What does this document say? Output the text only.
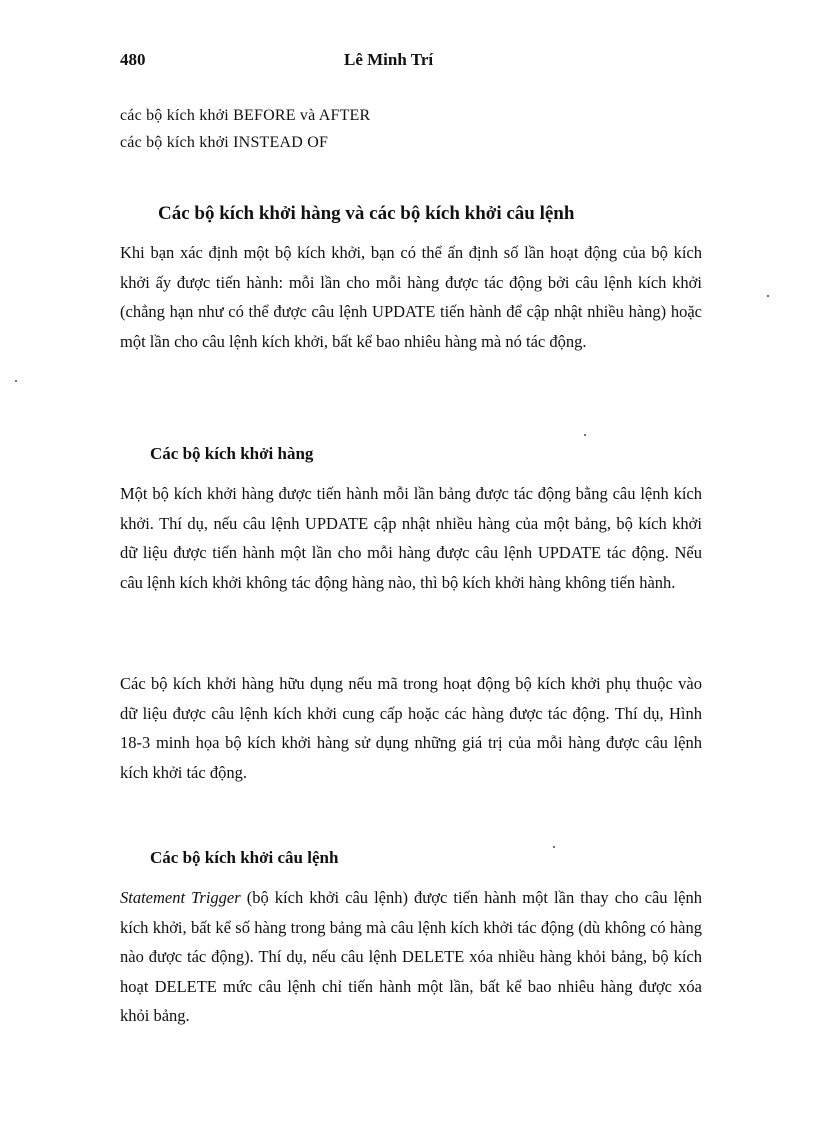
480	Lê Minh Trí
các bộ kích khởi BEFORE và AFTER
các bộ kích khởi INSTEAD OF
Các bộ kích khởi hàng và các bộ kích khởi câu lệnh

Khi bạn xác định một bộ kích khởi, bạn có thể ấn định số lần hoạt động của bộ kích khởi ấy được tiến hành: mỗi lần cho mỗi hàng được tác động bởi câu lệnh kích khởi (chẳng hạn như có thể được câu lệnh UPDATE tiến hành để cập nhật nhiều hàng) hoặc một lần cho câu lệnh kích khởi, bất kể bao nhiêu hàng mà nó tác động.

Các bộ kích khởi hàng

Một bộ kích khởi hàng được tiến hành mỗi lần bảng được tác động bằng câu lệnh kích khởi. Thí dụ, nếu câu lệnh UPDATE cập nhật nhiều hàng của một bảng, bộ kích khởi dữ liệu được tiến hành một lần cho mỗi hàng được câu lệnh UPDATE tác động. Nếu câu lệnh kích khởi không tác động hàng nào, thì bộ kích khởi hàng không tiến hành.

Các bộ kích khởi hàng hữu dụng nếu mã trong hoạt động bộ kích khởi phụ thuộc vào dữ liệu được câu lệnh kích khởi cung cấp hoặc các hàng được tác động. Thí dụ, Hình 18-3 minh họa bộ kích khởi hàng sử dụng những giá trị của mỗi hàng được câu lệnh kích khởi tác động.

Các bộ kích khởi câu lệnh

Statement Trigger (bộ kích khởi câu lệnh) được tiến hành một lần thay cho câu lệnh kích khởi, bất kể số hàng trong bảng mà câu lệnh kích khởi tác động (dù không có hàng nào được tác động). Thí dụ, nếu câu lệnh DELETE xóa nhiều hàng khỏi bảng, bộ kích hoạt DELETE mức câu lệnh chỉ tiến hành một lần, bất kể bao nhiêu hàng được xóa khỏi bảng.
